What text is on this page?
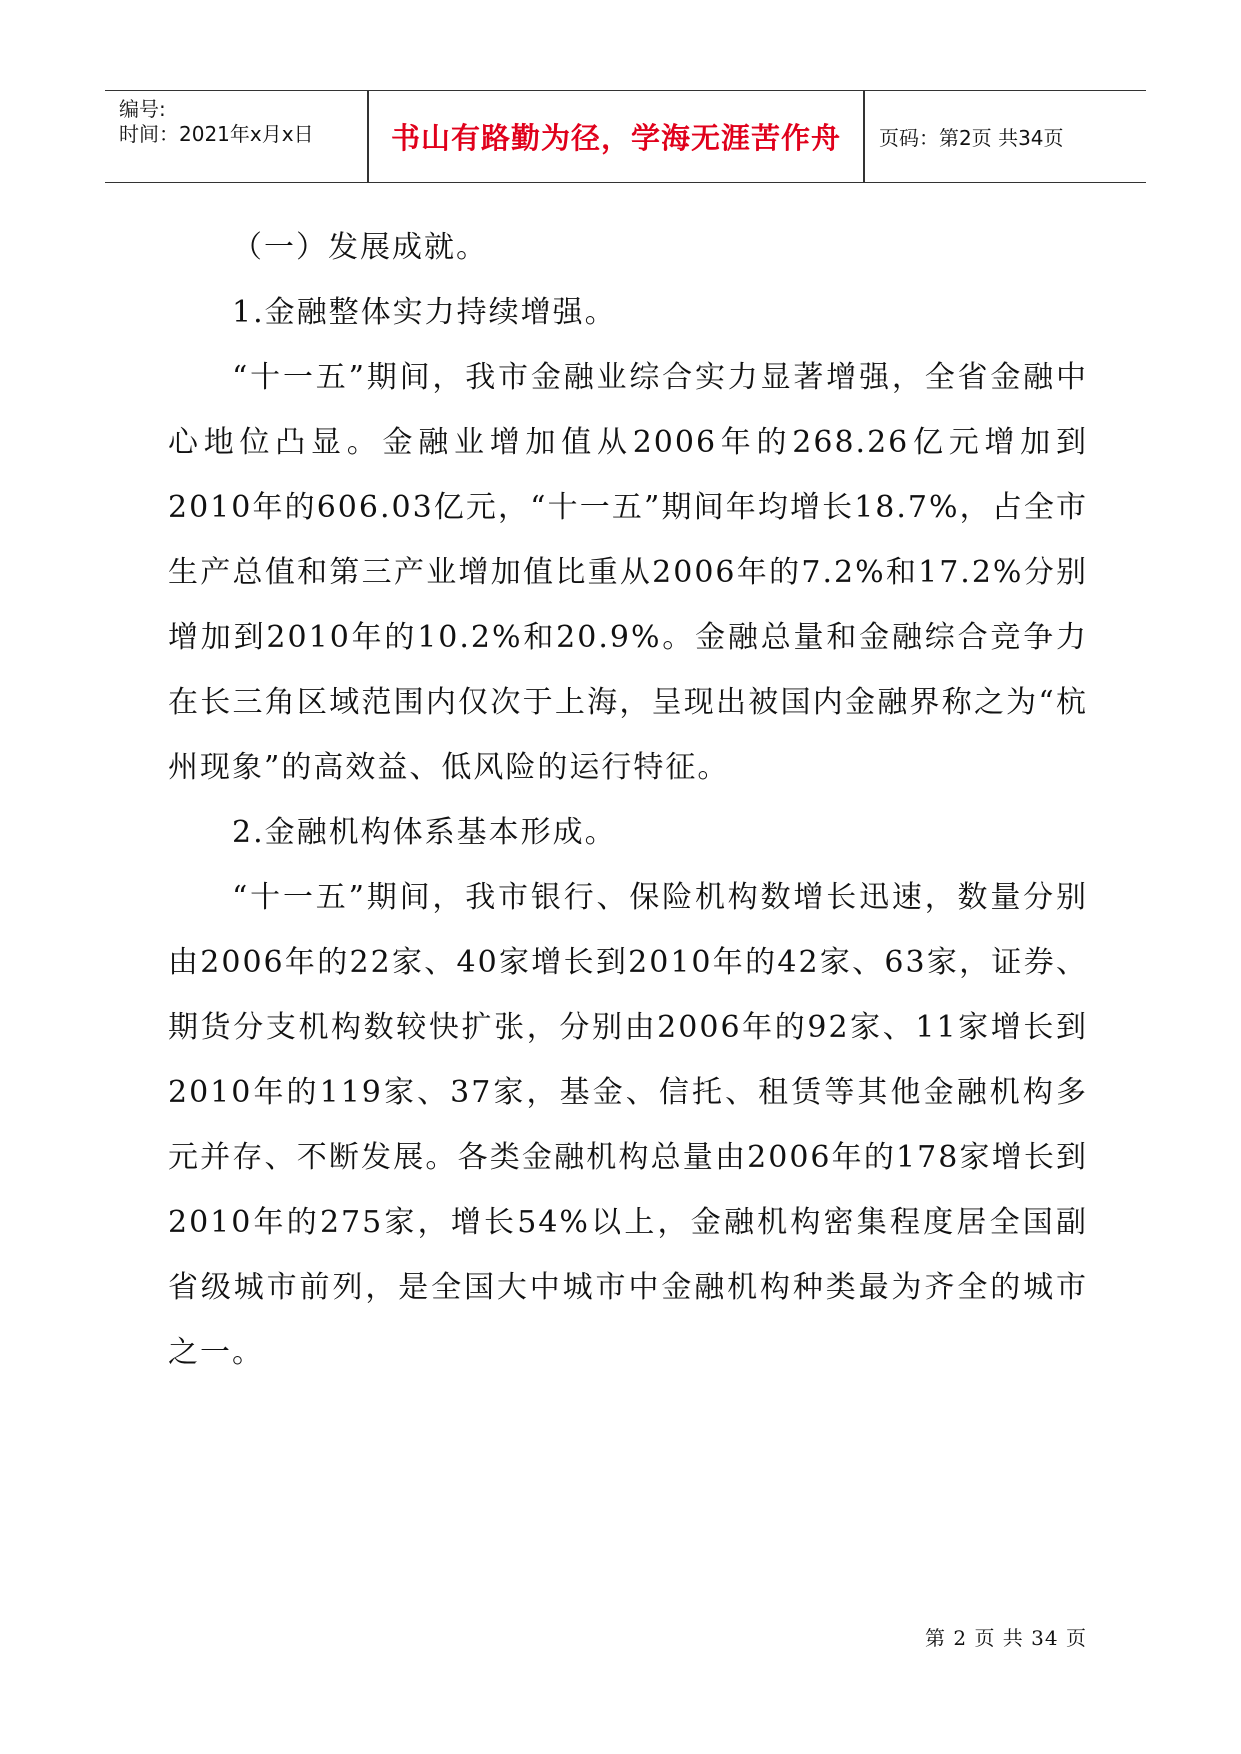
编号:
时间：2021年x月x日	书山有路勤为径，学海无涯苦作舟	页码：第2页 共34页

（一）发展成就。

1.金融整体实力持续增强。

“十一五”期间，我市金融业综合实力显著增强，全省金融中心地位凸显。金融业增加值从2006年的268.26亿元增加到2010年的606.03亿元，“十一五”期间年均增长18.7%，占全市生产总值和第三产业增加值比重从2006年的7.2%和17.2%分别增加到2010年的10.2%和20.9%。金融总量和金融综合竞争力在长三角区域范围内仅次于上海，呈现出被国内金融界称之为“杭州现象”的高效益、低风险的运行特征。

2.金融机构体系基本形成。

“十一五”期间，我市银行、保险机构数增长迅速，数量分别由2006年的22家、40家增长到2010年的42家、63家，证券、期货分支机构数较快扩张，分别由2006年的92家、11家增长到2010年的119家、37家，基金、信托、租赁等其他金融机构多元并存、不断发展。各类金融机构总量由2006年的178家增长到2010年的275家，增长54%以上，金融机构密集程度居全国副省级城市前列，是全国大中城市中金融机构种类最为齐全的城市之一。

第 2 页 共 34 页
